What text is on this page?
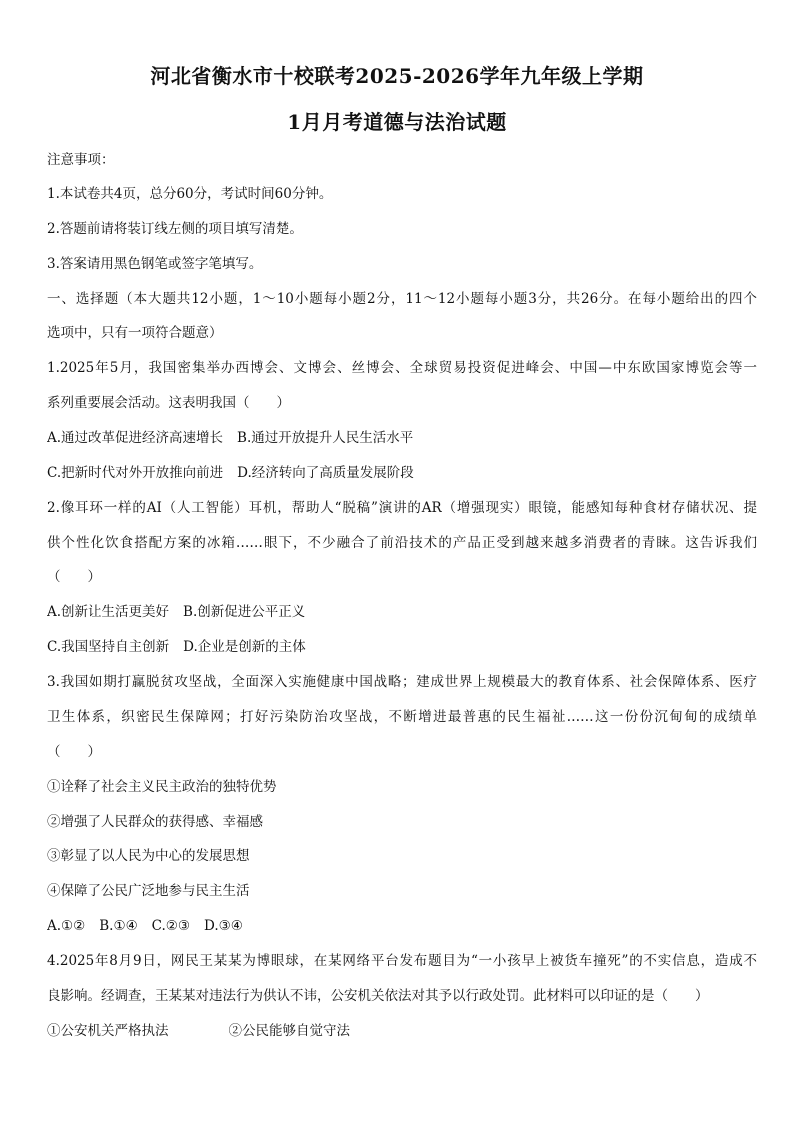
河北省衡水市十校联考2025-2026学年九年级上学期
1月月考道德与法治试题
注意事项：
1.本试卷共4页，总分60分，考试时间60分钟。
2.答题前请将装订线左侧的项目填写清楚。
3.答案请用黑色钢笔或签字笔填写。
一、选择题（本大题共12小题，1～10小题每小题2分，11～12小题每小题3分，共26分。在每小题给出的四个
选项中，只有一项符合题意）
1.2025年5月，我国密集举办西博会、文博会、丝博会、全球贸易投资促进峰会、中国—中东欧国家博览会等一
系列重要展会活动。这表明我国（　　）
A.通过改革促进经济高速增长 B.通过开放提升人民生活水平
C.把新时代对外开放推向前进 D.经济转向了高质量发展阶段
2.像耳环一样的AI（人工智能）耳机，帮助人“脱稿”演讲的AR（增强现实）眼镜，能感知每种食材存储状况、提
供个性化饮食搭配方案的冰箱……眼下，不少融合了前沿技术的产品正受到越来越多消费者的青睐。这告诉我们
（　　）
A.创新让生活更美好 B.创新促进公平正义
C.我国坚持自主创新 D.企业是创新的主体
3.我国如期打赢脱贫攻坚战，全面深入实施健康中国战略；建成世界上规模最大的教育体系、社会保障体系、医疗
卫生体系，织密民生保障网；打好污染防治攻坚战，不断增进最普惠的民生福祉……这一份份沉甸甸的成绩单
（　　）
①诠释了社会主义民主政治的独特优势
②增强了人民群众的获得感、幸福感
③彰显了以人民为中心的发展思想
④保障了公民广泛地参与民主生活
A.①② B.①④ C.②③ D.③④
4.2025年8月9日，网民王某某为博眼球，在某网络平台发布题目为“一小孩早上被货车撞死”的不实信息，造成不
良影响。经调查，王某某对违法行为供认不讳，公安机关依法对其予以行政处罚。此材料可以印证的是（　　）
①公安机关严格执法	②公民能够自觉守法
